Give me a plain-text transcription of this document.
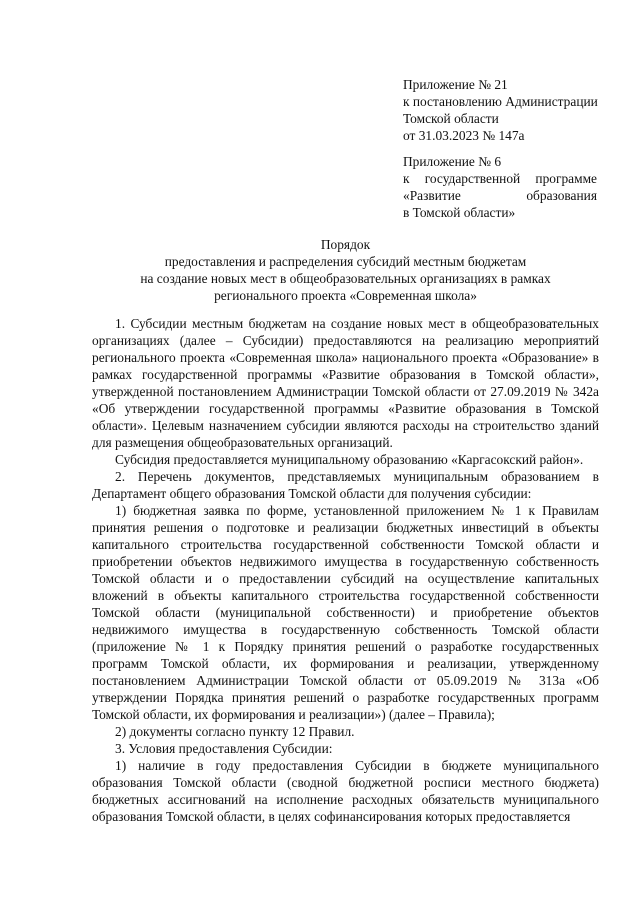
Приложение № 21
к постановлению Администрации
Томской области
от 31.03.2023 № 147а
Приложение № 6
к государственной программе «Развитие образования
в Томской области»
Порядок
предоставления и распределения субсидий местным бюджетам
на создание новых мест в общеобразовательных организациях в рамках
регионального проекта «Современная школа»

1. Субсидии местным бюджетам на создание новых мест в общеобразовательных организациях (далее – Субсидии) предоставляются на реализацию мероприятий регионального проекта «Современная школа» национального проекта «Образование» в рамках государственной программы «Развитие образования в Томской области», утвержденной постановлением Администрации Томской области от 27.09.2019 № 342а «Об утверждении государственной программы «Развитие образования в Томской области». Целевым назначением субсидии являются расходы на строительство зданий для размещения общеобразовательных организаций.

Субсидия предоставляется муниципальному образованию «Каргасокский район».

2. Перечень документов, представляемых муниципальным образованием в Департамент общего образования Томской области для получения субсидии:

1) бюджетная заявка по форме, установленной приложением № 1 к Правилам принятия решения о подготовке и реализации бюджетных инвестиций в объекты капитального строительства государственной собственности Томской области и приобретении объектов недвижимого имущества в государственную собственность Томской области и о предоставлении субсидий на осуществление капитальных вложений в объекты капитального строительства государственной собственности Томской области (муниципальной собственности) и приобретение объектов недвижимого имущества в государственную собственность Томской области (приложение № 1 к Порядку принятия решений о разработке государственных программ Томской области, их формирования и реализации, утвержденному постановлением Администрации Томской области от 05.09.2019 № 313а «Об утверждении Порядка принятия решений о разработке государственных программ Томской области, их формирования и реализации») (далее – Правила);

2) документы согласно пункту 12 Правил.

3. Условия предоставления Субсидии:

1) наличие в году предоставления Субсидии в бюджете муниципального образования Томской области (сводной бюджетной росписи местного бюджета) бюджетных ассигнований на исполнение расходных обязательств муниципального образования Томской области, в целях софинансирования которых предоставляется
